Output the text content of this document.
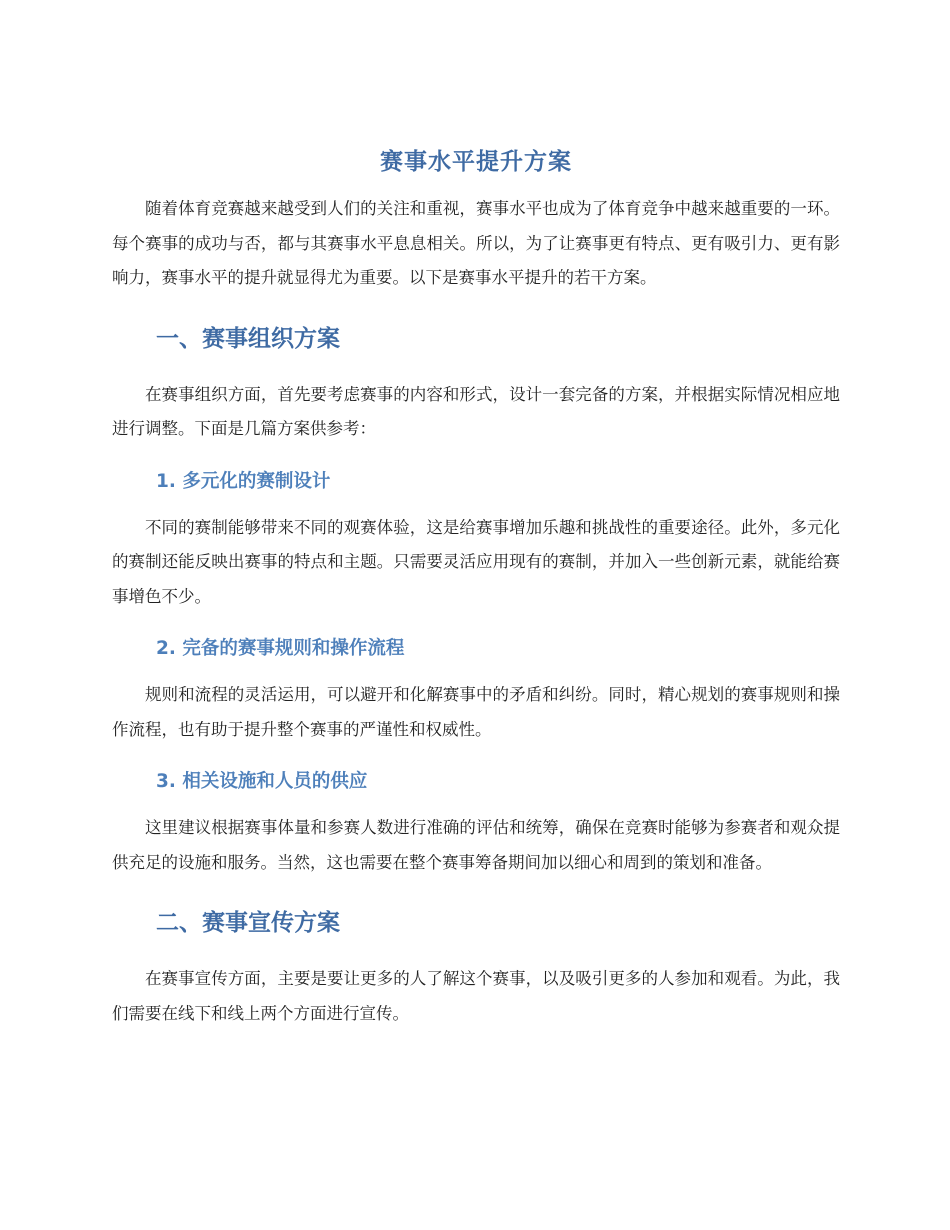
赛事水平提升方案

随着体育竞赛越来越受到人们的关注和重视，赛事水平也成为了体育竞争中越来越重要的一环。每个赛事的成功与否，都与其赛事水平息息相关。所以，为了让赛事更有特点、更有吸引力、更有影响力，赛事水平的提升就显得尤为重要。以下是赛事水平提升的若干方案。

一、赛事组织方案

在赛事组织方面，首先要考虑赛事的内容和形式，设计一套完备的方案，并根据实际情况相应地进行调整。下面是几篇方案供参考：

1. 多元化的赛制设计

不同的赛制能够带来不同的观赛体验，这是给赛事增加乐趣和挑战性的重要途径。此外，多元化的赛制还能反映出赛事的特点和主题。只需要灵活应用现有的赛制，并加入一些创新元素，就能给赛事增色不少。

2. 完备的赛事规则和操作流程

规则和流程的灵活运用，可以避开和化解赛事中的矛盾和纠纷。同时，精心规划的赛事规则和操作流程，也有助于提升整个赛事的严谨性和权威性。

3. 相关设施和人员的供应

这里建议根据赛事体量和参赛人数进行准确的评估和统筹，确保在竞赛时能够为参赛者和观众提供充足的设施和服务。当然，这也需要在整个赛事筹备期间加以细心和周到的策划和准备。

二、赛事宣传方案

在赛事宣传方面，主要是要让更多的人了解这个赛事，以及吸引更多的人参加和观看。为此，我们需要在线下和线上两个方面进行宣传。
